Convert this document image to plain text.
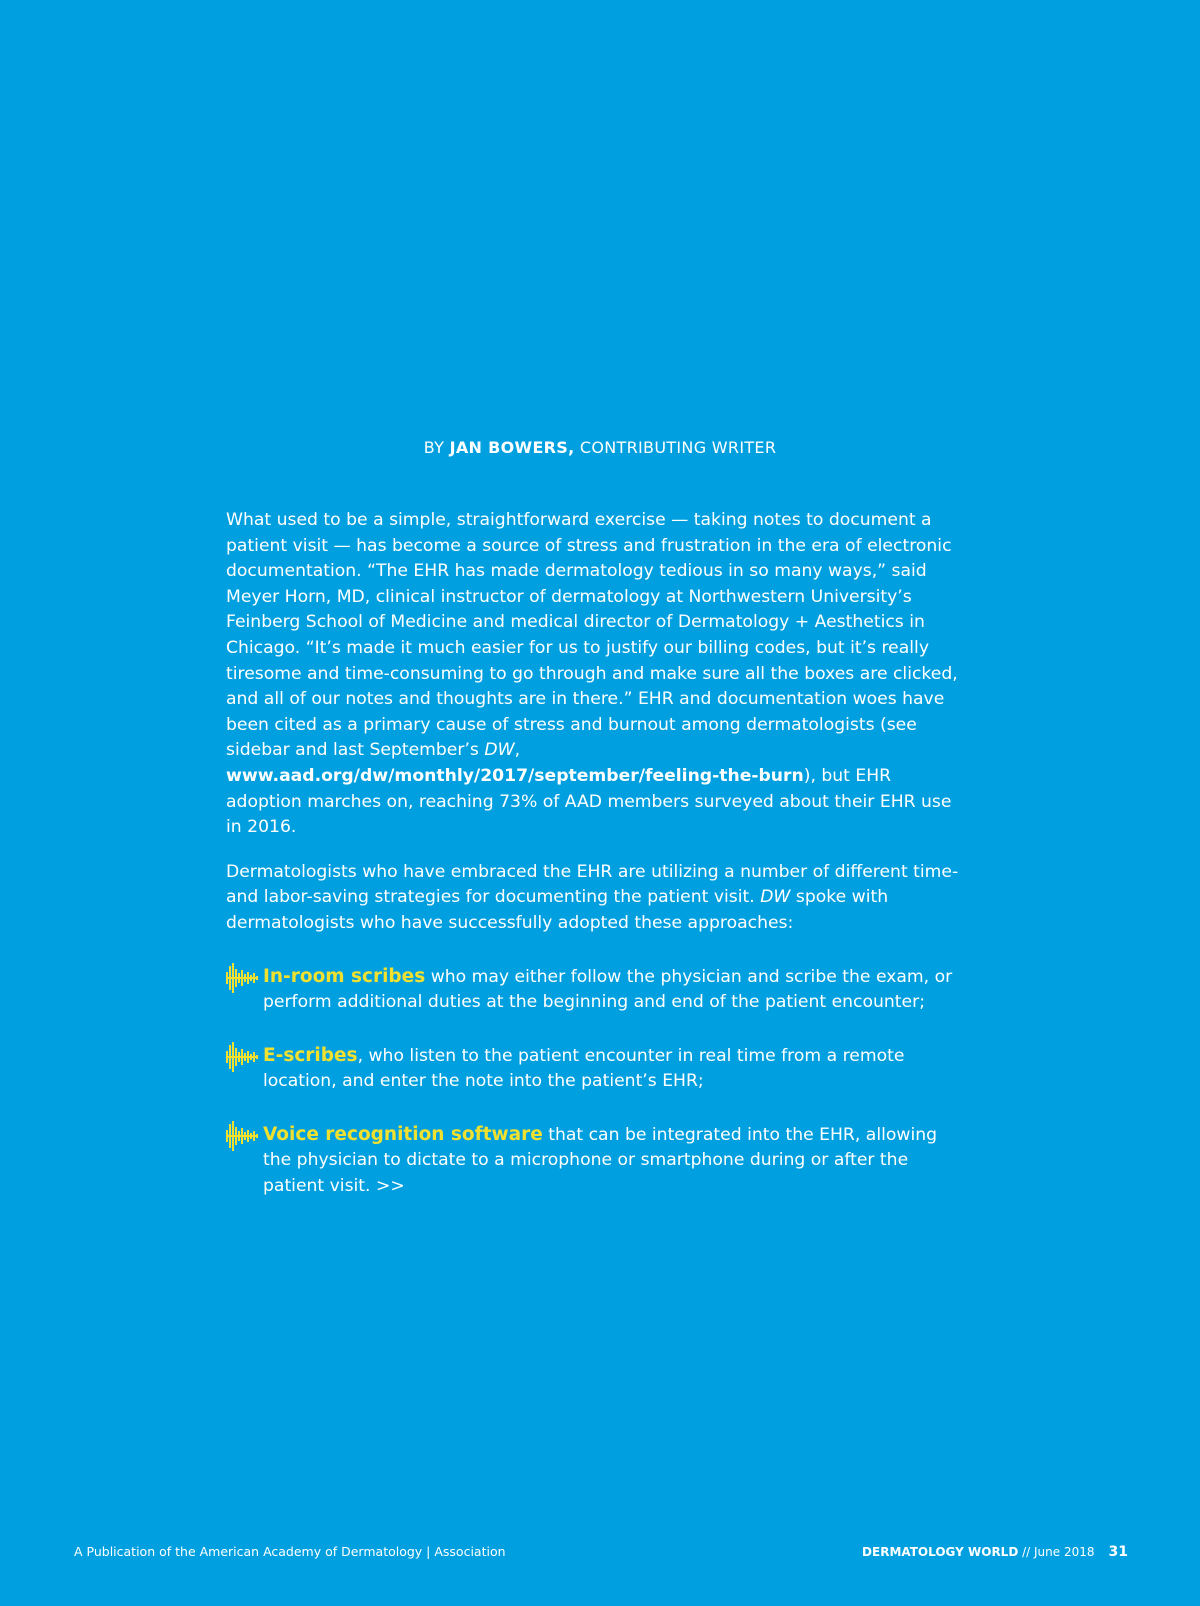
BY JAN BOWERS, CONTRIBUTING WRITER

What used to be a simple, straightforward exercise — taking notes to document a patient visit — has become a source of stress and frustration in the era of electronic documentation. “The EHR has made dermatology tedious in so many ways,” said Meyer Horn, MD, clinical instructor of dermatology at Northwestern University’s Feinberg School of Medicine and medical director of Dermatology + Aesthetics in Chicago. “It’s made it much easier for us to justify our billing codes, but it’s really tiresome and time-consuming to go through and make sure all the boxes are clicked, and all of our notes and thoughts are in there.” EHR and documentation woes have been cited as a primary cause of stress and burnout among dermatologists (see sidebar and last September’s DW, www.aad.org/dw/monthly/2017/september/feeling-the-burn), but EHR adoption marches on, reaching 73% of AAD members surveyed about their EHR use in 2016.

Dermatologists who have embraced the EHR are utilizing a number of different time- and labor-saving strategies for documenting the patient visit. DW spoke with dermatologists who have successfully adopted these approaches:

In-room scribes who may either follow the physician and scribe the exam, or perform additional duties at the beginning and end of the patient encounter;
E-scribes, who listen to the patient encounter in real time from a remote location, and enter the note into the patient’s EHR;
Voice recognition software that can be integrated into the EHR, allowing the physician to dictate to a microphone or smartphone during or after the patient visit. >>
A Publication of the American Academy of Dermatology | Association	DERMATOLOGY WORLD // June 2018 31
